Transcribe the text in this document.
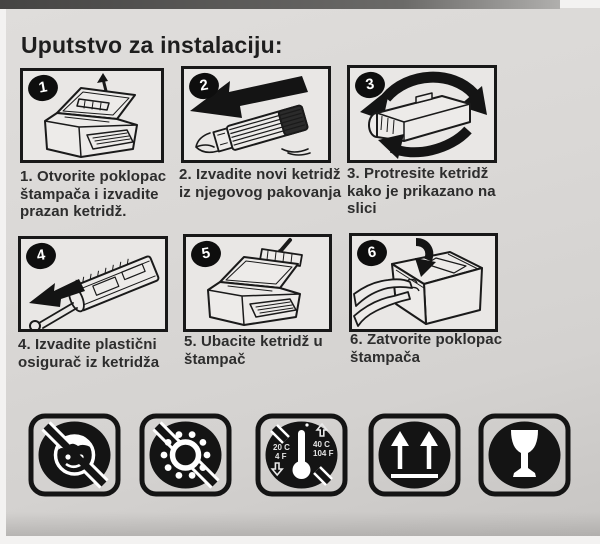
Uputstvo za instalaciju:
1	2	3
4	5	6
1. Otvorite poklopac štampača i izvadite prazan ketridž.
2. Izvadite novi ketridž iz njegovog pakovanja
3. Protresite ketridž kako je prikazano na slici
4. Izvadite plastični osigurač iz ketridža
5. Ubacite ketridž u štampač
6. Zatvorite poklopac štampača
40 C
104 F
20 C
4 F
